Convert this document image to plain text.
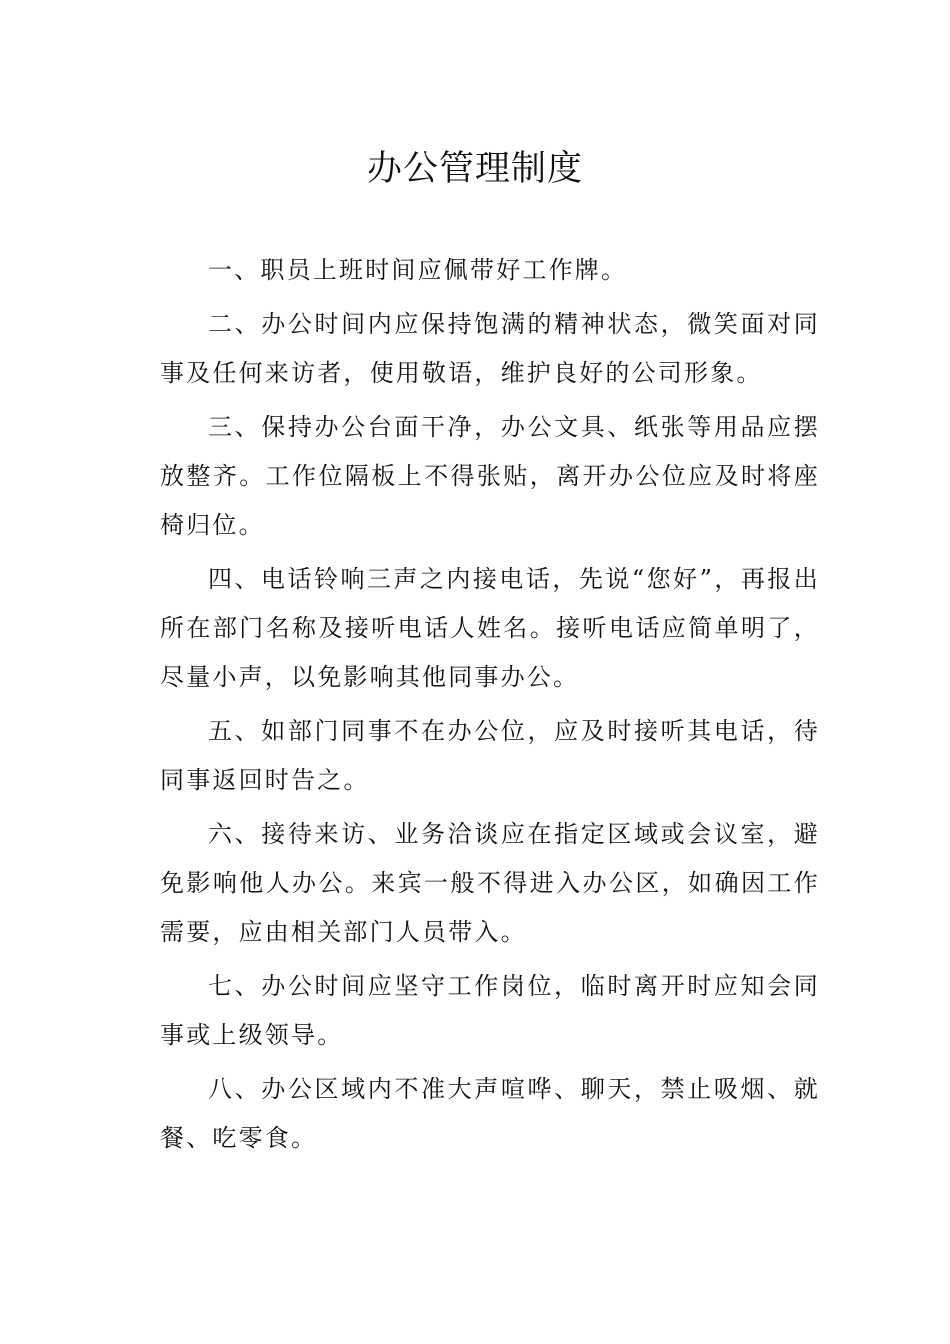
办公管理制度

一、职员上班时间应佩带好工作牌。

二、办公时间内应保持饱满的精神状态，微笑面对同事及任何来访者，使用敬语，维护良好的公司形象。

三、保持办公台面干净，办公文具、纸张等用品应摆放整齐。工作位隔板上不得张贴，离开办公位应及时将座椅归位。

四、电话铃响三声之内接电话，先说“您好”，再报出所在部门名称及接听电话人姓名。接听电话应简单明了，尽量小声，以免影响其他同事办公。

五、如部门同事不在办公位，应及时接听其电话，待同事返回时告之。

六、接待来访、业务洽谈应在指定区域或会议室，避免影响他人办公。来宾一般不得进入办公区，如确因工作需要，应由相关部门人员带入。

七、办公时间应坚守工作岗位，临时离开时应知会同事或上级领导。

八、办公区域内不准大声喧哗、聊天，禁止吸烟、就餐、吃零食。
